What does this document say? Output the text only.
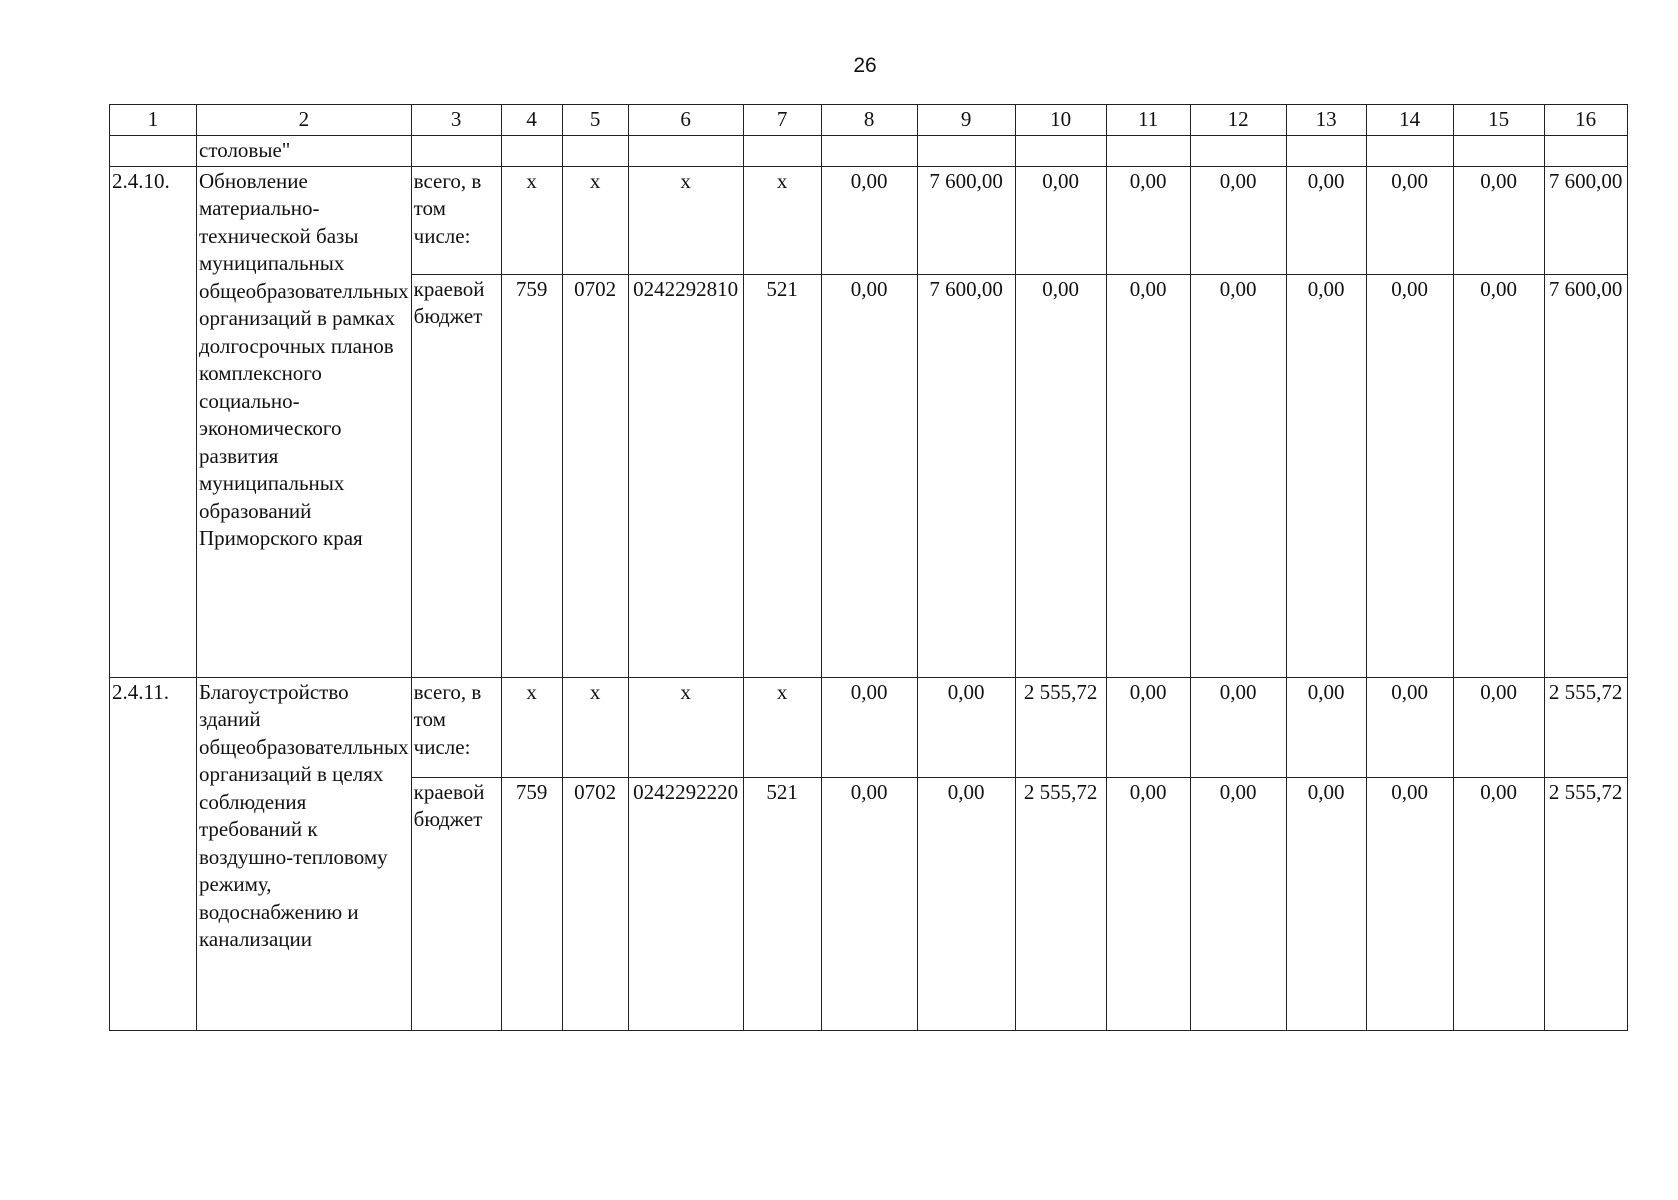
26
1	2	3	4	5	6	7	8	9	10	11	12	13	14	15	16
	столовые"														
2.4.10.	Обновление материально-технической базы муниципальных общеобразователльных организаций в рамках долгосрочных планов комплексного социально-экономического развития муниципальных образований Приморского края	всего, в том числе:	x	x	x	x	0,00	7 600,00	0,00	0,00	0,00	0,00	0,00	0,00	7 600,00
		краевой бюджет	759	0702	0242292810	521	0,00	7 600,00	0,00	0,00	0,00	0,00	0,00	0,00	7 600,00
2.4.11.	Благоустройство зданий общеобразователльных организаций в целях соблюдения требований к воздушно-тепловому режиму, водоснабжению и канализации	всего, в том числе:	x	x	x	x	0,00	0,00	2 555,72	0,00	0,00	0,00	0,00	0,00	2 555,72
		краевой бюджет	759	0702	0242292220	521	0,00	0,00	2 555,72	0,00	0,00	0,00	0,00	0,00	2 555,72
